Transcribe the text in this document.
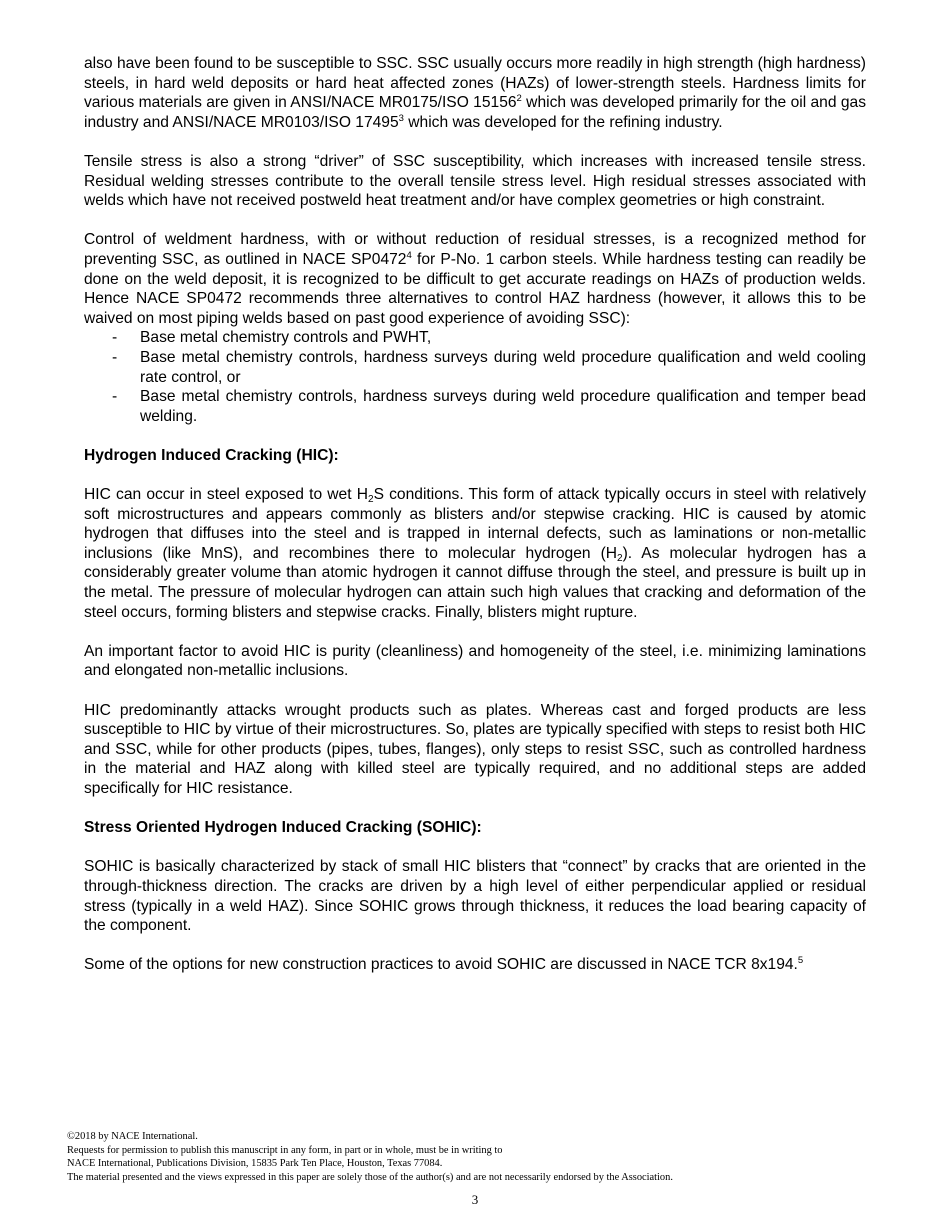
also have been found to be susceptible to SSC. SSC usually occurs more readily in high strength (high hardness) steels, in hard weld deposits or hard heat affected zones (HAZs) of lower-strength steels. Hardness limits for various materials are given in ANSI/NACE MR0175/ISO 15156$^2$ which was developed primarily for the oil and gas industry and ANSI/NACE MR0103/ISO 17495$^3$ which was developed for the refining industry.

Tensile stress is also a strong “driver” of SSC susceptibility, which increases with increased tensile stress. Residual welding stresses contribute to the overall tensile stress level. High residual stresses associated with welds which have not received postweld heat treatment and/or have complex geometries or high constraint.

Control of weldment hardness, with or without reduction of residual stresses, is a recognized method for preventing SSC, as outlined in NACE SP0472$^4$ for P-No. 1 carbon steels. While hardness testing can readily be done on the weld deposit, it is recognized to be difficult to get accurate readings on HAZs of production welds. Hence NACE SP0472 recommends three alternatives to control HAZ hardness (however, it allows this to be waived on most piping welds based on past good experience of avoiding SSC):

- Base metal chemistry controls and PWHT,
- Base metal chemistry controls, hardness surveys during weld procedure qualification and weld cooling rate control, or
- Base metal chemistry controls, hardness surveys during weld procedure qualification and temper bead welding.
Hydrogen Induced Cracking (HIC):

HIC can occur in steel exposed to wet $H_2S$ conditions. This form of attack typically occurs in steel with relatively soft microstructures and appears commonly as blisters and/or stepwise cracking. HIC is caused by atomic hydrogen that diffuses into the steel and is trapped in internal defects, such as laminations or non-metallic inclusions (like MnS), and recombines there to molecular hydrogen $(H_2)$. As molecular hydrogen has a considerably greater volume than atomic hydrogen it cannot diffuse through the steel, and pressure is built up in the metal. The pressure of molecular hydrogen can attain such high values that cracking and deformation of the steel occurs, forming blisters and stepwise cracks. Finally, blisters might rupture.

An important factor to avoid HIC is purity (cleanliness) and homogeneity of the steel, i.e. minimizing laminations and elongated non-metallic inclusions.

HIC predominantly attacks wrought products such as plates. Whereas cast and forged products are less susceptible to HIC by virtue of their microstructures. So, plates are typically specified with steps to resist both HIC and SSC, while for other products (pipes, tubes, flanges), only steps to resist SSC, such as controlled hardness in the material and HAZ along with killed steel are typically required, and no additional steps are added specifically for HIC resistance.

Stress Oriented Hydrogen Induced Cracking (SOHIC):

SOHIC is basically characterized by stack of small HIC blisters that “connect” by cracks that are oriented in the through-thickness direction. The cracks are driven by a high level of either perpendicular applied or residual stress (typically in a weld HAZ). Since SOHIC grows through thickness, it reduces the load bearing capacity of the component.

Some of the options for new construction practices to avoid SOHIC are discussed in NACE TCR 8x194.$^5$

©2018 by NACE International.
Requests for permission to publish this manuscript in any form, in part or in whole, must be in writing to
NACE International, Publications Division, 15835 Park Ten Place, Houston, Texas 77084.
The material presented and the views expressed in this paper are solely those of the author(s) and are not necessarily endorsed by the Association.
3
